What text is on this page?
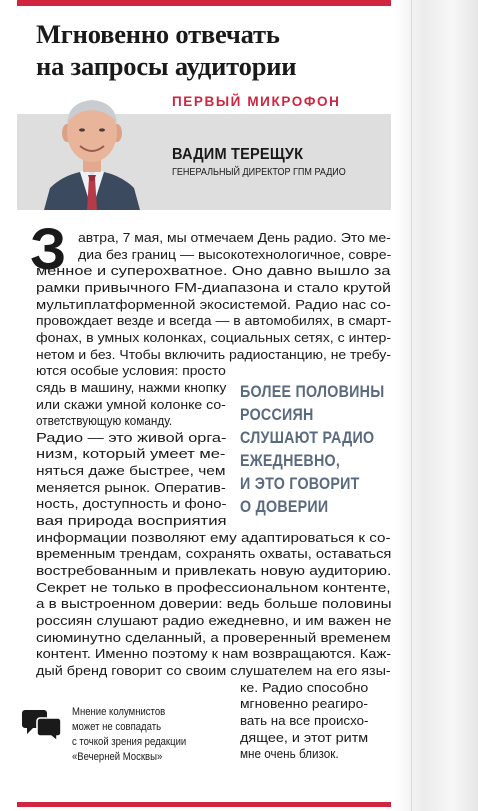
Мгновенно отвечать
на запросы аудитории
ПЕРВЫЙ МИКРОФОН
ВАДИМ ТЕРЕЩУК
ГЕНЕРАЛЬНЫЙ ДИРЕКТОР ГПМ РАДИО
З автра, 7 мая, мы отмечаем День радио. Это ме-
диа без границ — высокотехнологичное, совре-
менное и суперохватное. Оно давно вышло за
рамки привычного FM-диапазона и стало крутой
мультиплатформенной экосистемой. Радио нас со-
провождает везде и всегда — в автомобилях, в смарт-
фонах, в умных колонках, социальных сетях, с интер-
нетом и без. Чтобы включить радиостанцию, не требу-
ются особые условия: просто
сядь в машину, нажми кнопку
или скажи умной колонке со-
ответствующую команду.
Радио — это живой орга-
низм, который умеет ме-
няться даже быстрее, чем
меняется рынок. Оператив-
ность, доступность и фоно-
вая природа восприятия
информации позволяют ему адаптироваться к со-
временным трендам, сохранять охваты, оставаться
востребованным и привлекать новую аудиторию.
Секрет не только в профессиональном контенте,
а в выстроенном доверии: ведь больше половины
россиян слушают радио ежедневно, и им важен не
сиюминутно сделанный, а проверенный временем
контент. Именно поэтому к нам возвращаются. Каж-
дый бренд говорит со своим слушателем на его язы-
ке. Радио способно
мгновенно реагиро-
вать на все происхо-
дящее, и этот ритм
мне очень близок.
БОЛЕЕ ПОЛОВИНЫ
РОССИЯН
СЛУШАЮТ РАДИО
ЕЖЕДНЕВНО,
И ЭТО ГОВОРИТ
О ДОВЕРИИ
Мнение колумнистов
может не совпадать
с точкой зрения редакции
«Вечерней Москвы»
